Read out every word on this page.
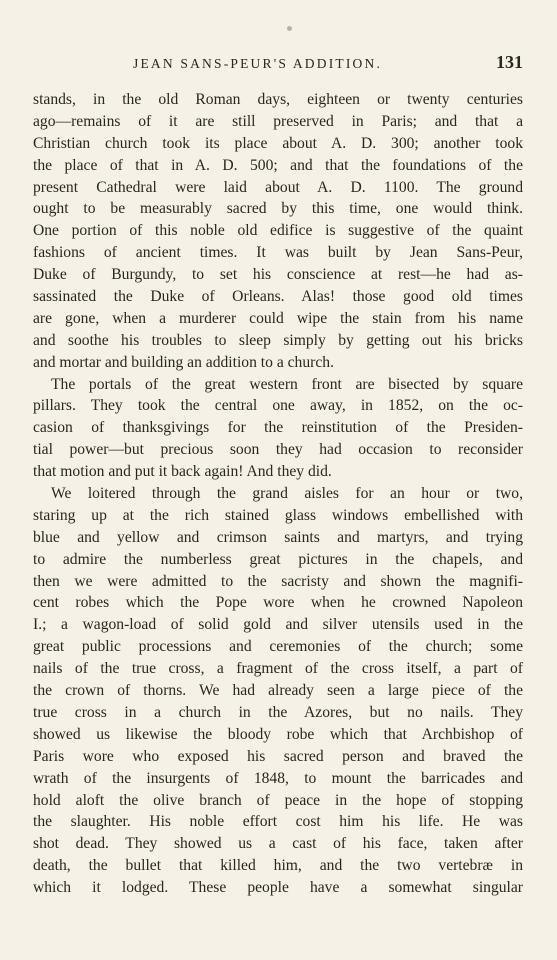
JEAN SANS-PEUR'S ADDITION.	131
stands, in the old Roman days, eighteen or twenty centuries
ago—remains of it are still preserved in Paris; and that a
Christian church took its place about A. D. 300; another took
the place of that in A. D. 500; and that the foundations of the
present Cathedral were laid about A. D. 1100. The ground
ought to be measurably sacred by this time, one would think.
One portion of this noble old edifice is suggestive of the quaint
fashions of ancient times. It was built by Jean Sans-Peur,
Duke of Burgundy, to set his conscience at rest—he had as-
sassinated the Duke of Orleans. Alas! those good old times
are gone, when a murderer could wipe the stain from his name
and soothe his troubles to sleep simply by getting out his bricks
and mortar and building an addition to a church.
The portals of the great western front are bisected by square
pillars. They took the central one away, in 1852, on the oc-
casion of thanksgivings for the reinstitution of the Presiden-
tial power—but precious soon they had occasion to reconsider
that motion and put it back again! And they did.
We loitered through the grand aisles for an hour or two,
staring up at the rich stained glass windows embellished with
blue and yellow and crimson saints and martyrs, and trying
to admire the numberless great pictures in the chapels, and
then we were admitted to the sacristy and shown the magnifi-
cent robes which the Pope wore when he crowned Napoleon
I.; a wagon-load of solid gold and silver utensils used in the
great public processions and ceremonies of the church; some
nails of the true cross, a fragment of the cross itself, a part of
the crown of thorns. We had already seen a large piece of the
true cross in a church in the Azores, but no nails. They
showed us likewise the bloody robe which that Archbishop of
Paris wore who exposed his sacred person and braved the
wrath of the insurgents of 1848, to mount the barricades and
hold aloft the olive branch of peace in the hope of stopping
the slaughter. His noble effort cost him his life. He was
shot dead. They showed us a cast of his face, taken after
death, the bullet that killed him, and the two vertebræ in
which it lodged. These people have a somewhat singular
